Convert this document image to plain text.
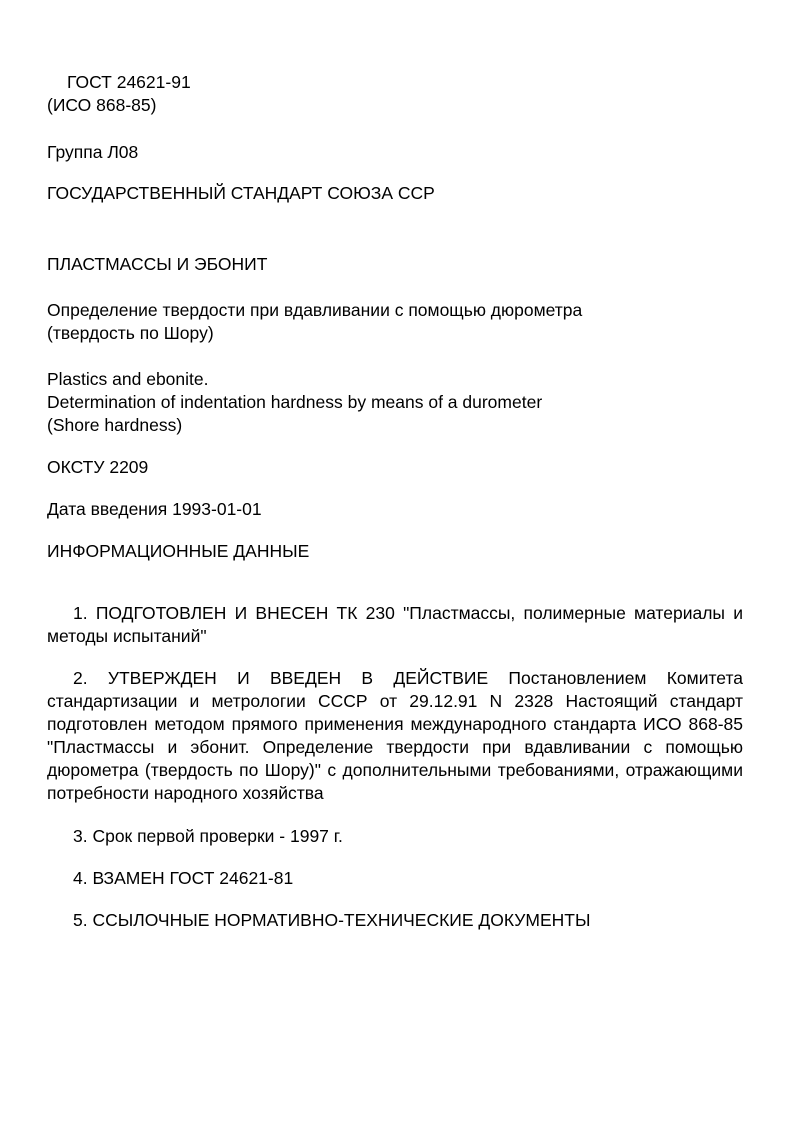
ГОСТ 24621-91
(ИСО 868-85)
Группа Л08
ГОСУДАРСТВЕННЫЙ СТАНДАРТ СОЮЗА ССР
ПЛАСТМАССЫ И ЭБОНИТ
Определение твердости при вдавливании с помощью дюрометра
(твердость по Шору)
Plastics and ebonite.
Determination of indentation hardness by means of a durometer
(Shore hardness)
ОКСТУ 2209
Дата введения 1993-01-01
ИНФОРМАЦИОННЫЕ ДАННЫЕ
1. ПОДГОТОВЛЕН И ВНЕСЕН ТК 230 "Пластмассы, полимерные материалы и методы испытаний"
2. УТВЕРЖДЕН И ВВЕДЕН В ДЕЙСТВИЕ Постановлением Комитета стандартизации и метрологии СССР от 29.12.91 N 2328 Настоящий стандарт подготовлен методом прямого применения международного стандарта ИСО 868-85 "Пластмассы и эбонит. Определение твердости при вдавливании с помощью дюрометра (твердость по Шору)" с дополнительными требованиями, отражающими потребности народного хозяйства
3. Срок первой проверки - 1997 г.
4. ВЗАМЕН ГОСТ 24621-81
5. ССЫЛОЧНЫЕ НОРМАТИВНО-ТЕХНИЧЕСКИЕ ДОКУМЕНТЫ
